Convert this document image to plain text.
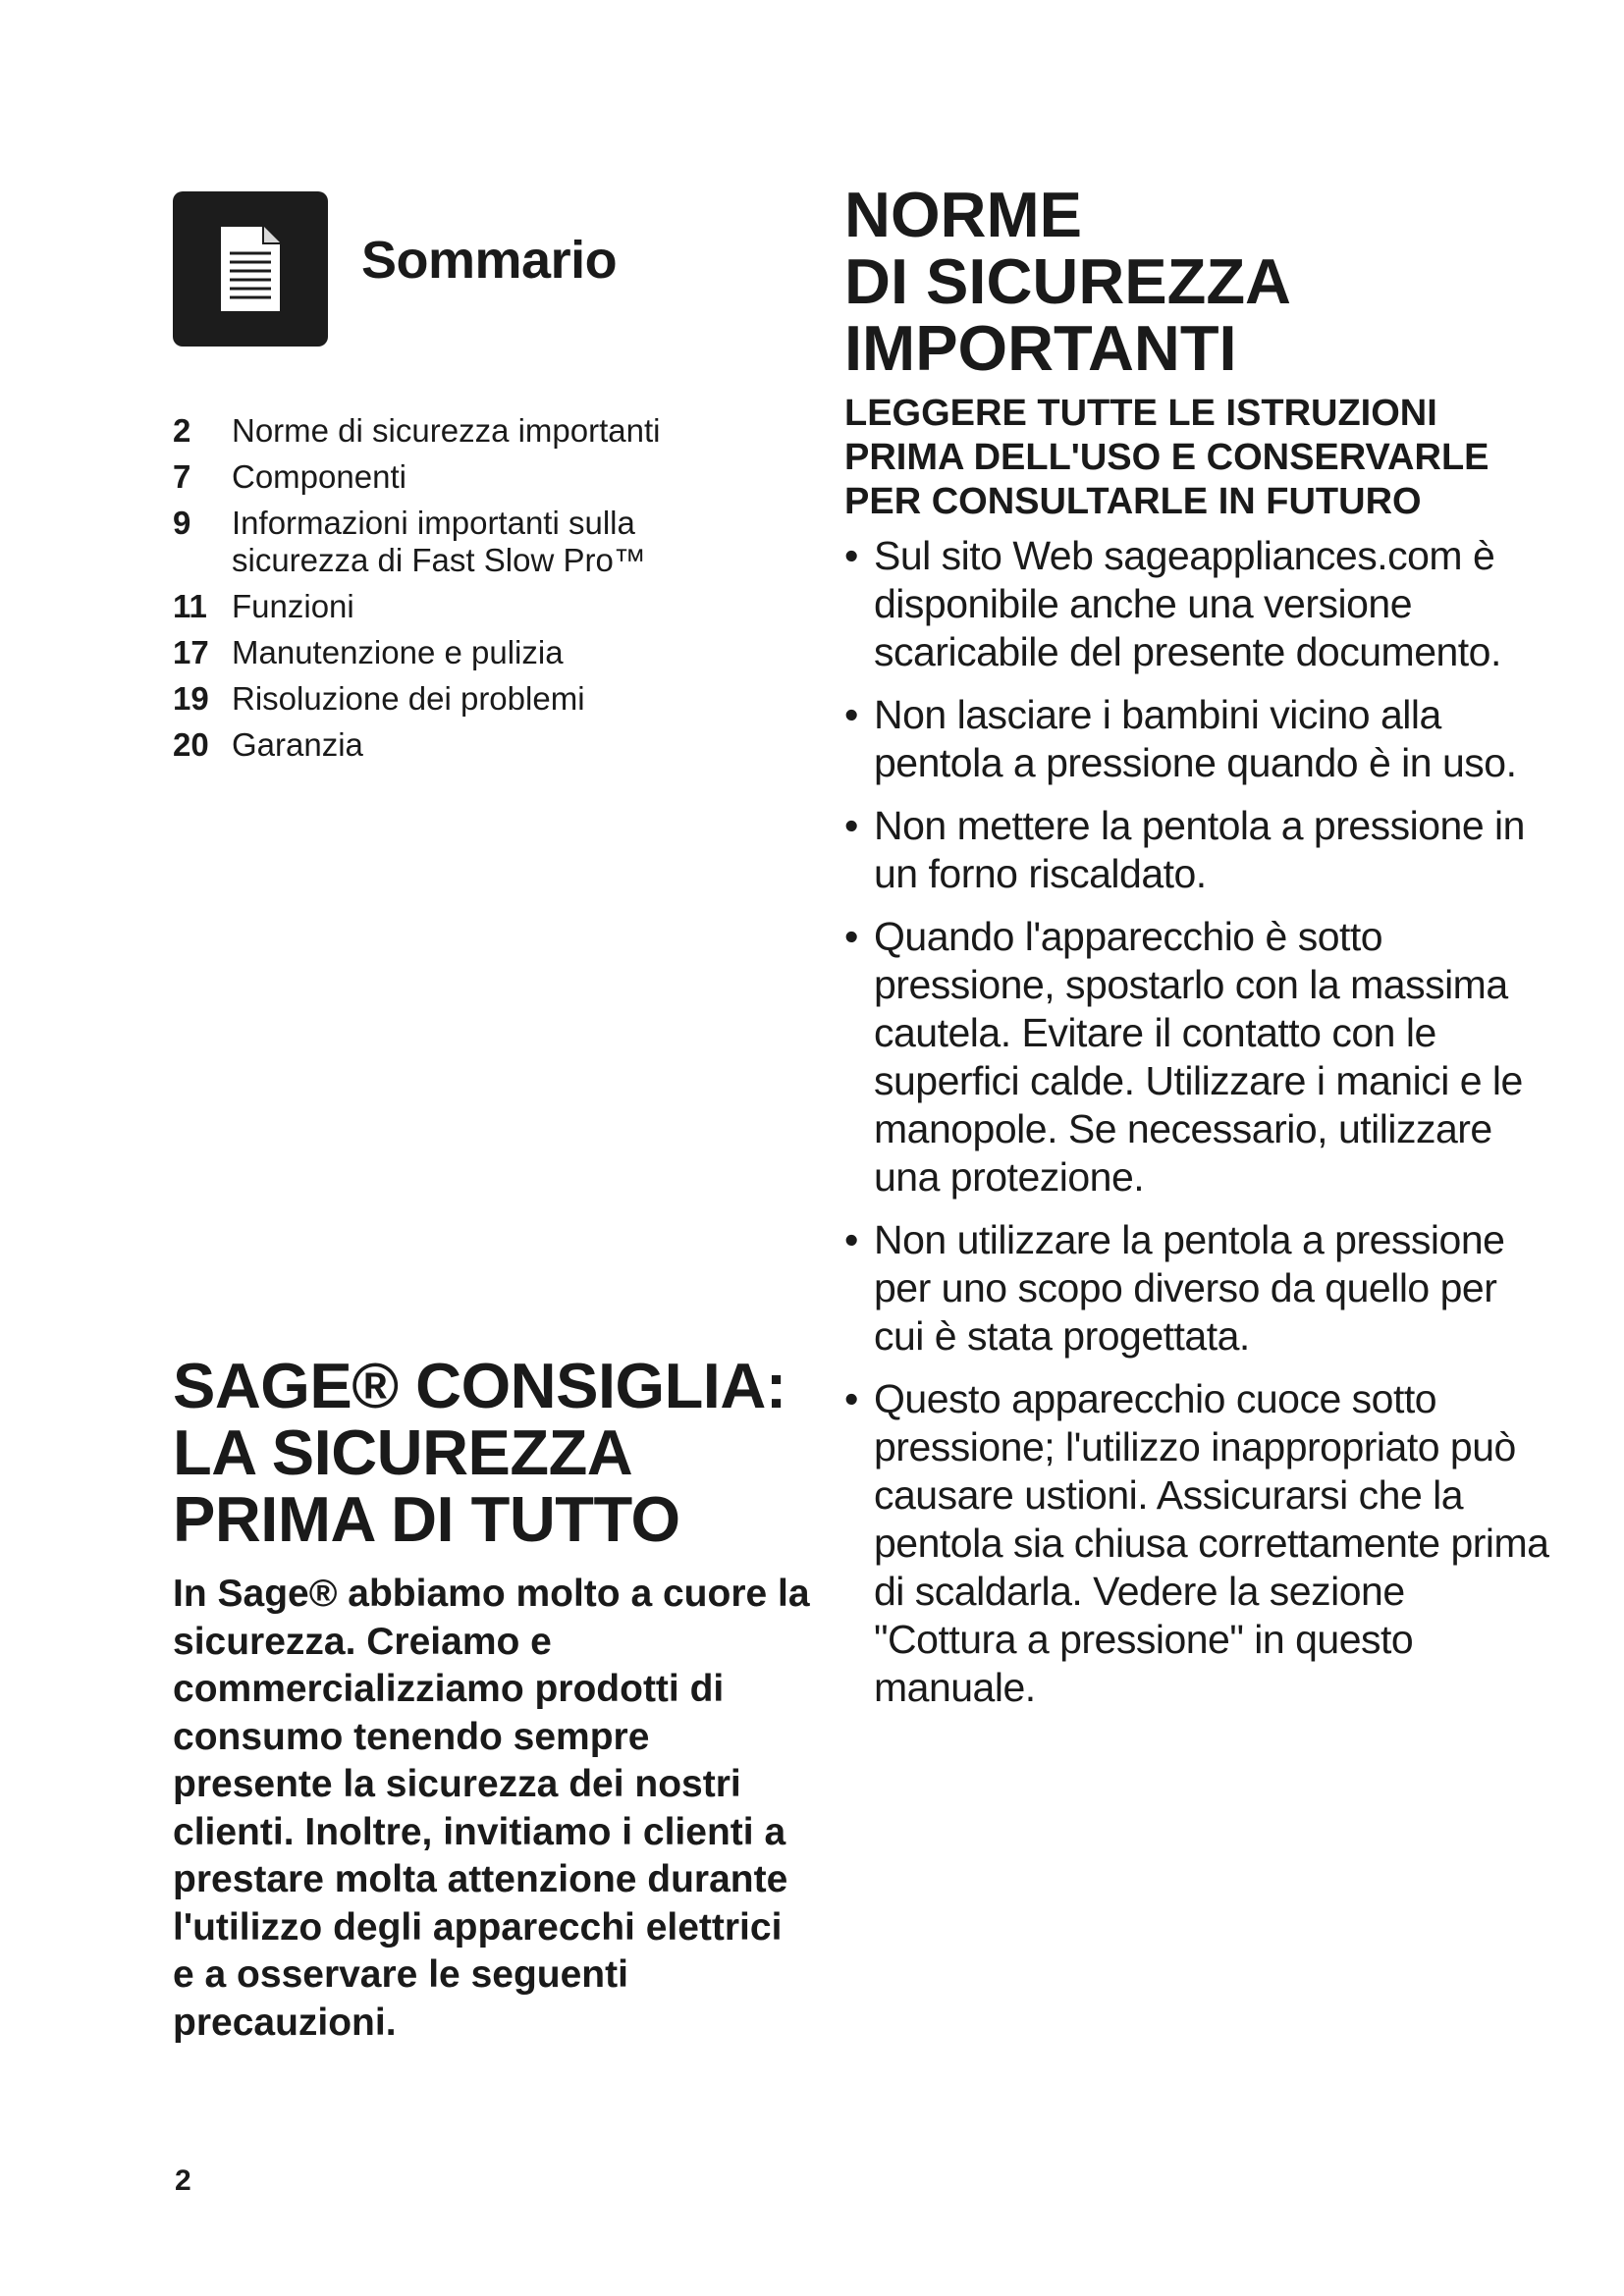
Sommario
2	Norme di sicurezza importanti
7	Componenti
9	Informazioni importanti sulla sicurezza di Fast Slow Pro™
11 Funzioni
17 Manutenzione e pulizia
19 Risoluzione dei problemi
20 Garanzia
SAGE® CONSIGLIA:
LA SICUREZZA
PRIMA DI TUTTO

In Sage® abbiamo molto a cuore la sicurezza. Creiamo e commercializziamo prodotti di consumo tenendo sempre presente la sicurezza dei nostri clienti. Inoltre, invitiamo i clienti a prestare molta attenzione durante l'utilizzo degli apparecchi elettrici e a osservare le seguenti precauzioni.

NORME
DI SICUREZZA
IMPORTANTI

LEGGERE TUTTE LE ISTRUZIONI PRIMA DELL'USO E CONSERVARLE PER CONSULTARLE IN FUTURO

• Sul sito Web sageappliances.com è disponibile anche una versione scaricabile del presente documento.
• Non lasciare i bambini vicino alla pentola a pressione quando è in uso.
• Non mettere la pentola a pressione in un forno riscaldato.
• Quando l'apparecchio è sotto pressione, spostarlo con la massima cautela. Evitare il contatto con le superfici calde. Utilizzare i manici e le manopole. Se necessario, utilizzare una protezione.
• Non utilizzare la pentola a pressione per uno scopo diverso da quello per cui è stata progettata.
• Questo apparecchio cuoce sotto pressione; l'utilizzo inappropriato può causare ustioni. Assicurarsi che la pentola sia chiusa correttamente prima di scaldarla. Vedere la sezione "Cottura a pressione" in questo manuale.
2
